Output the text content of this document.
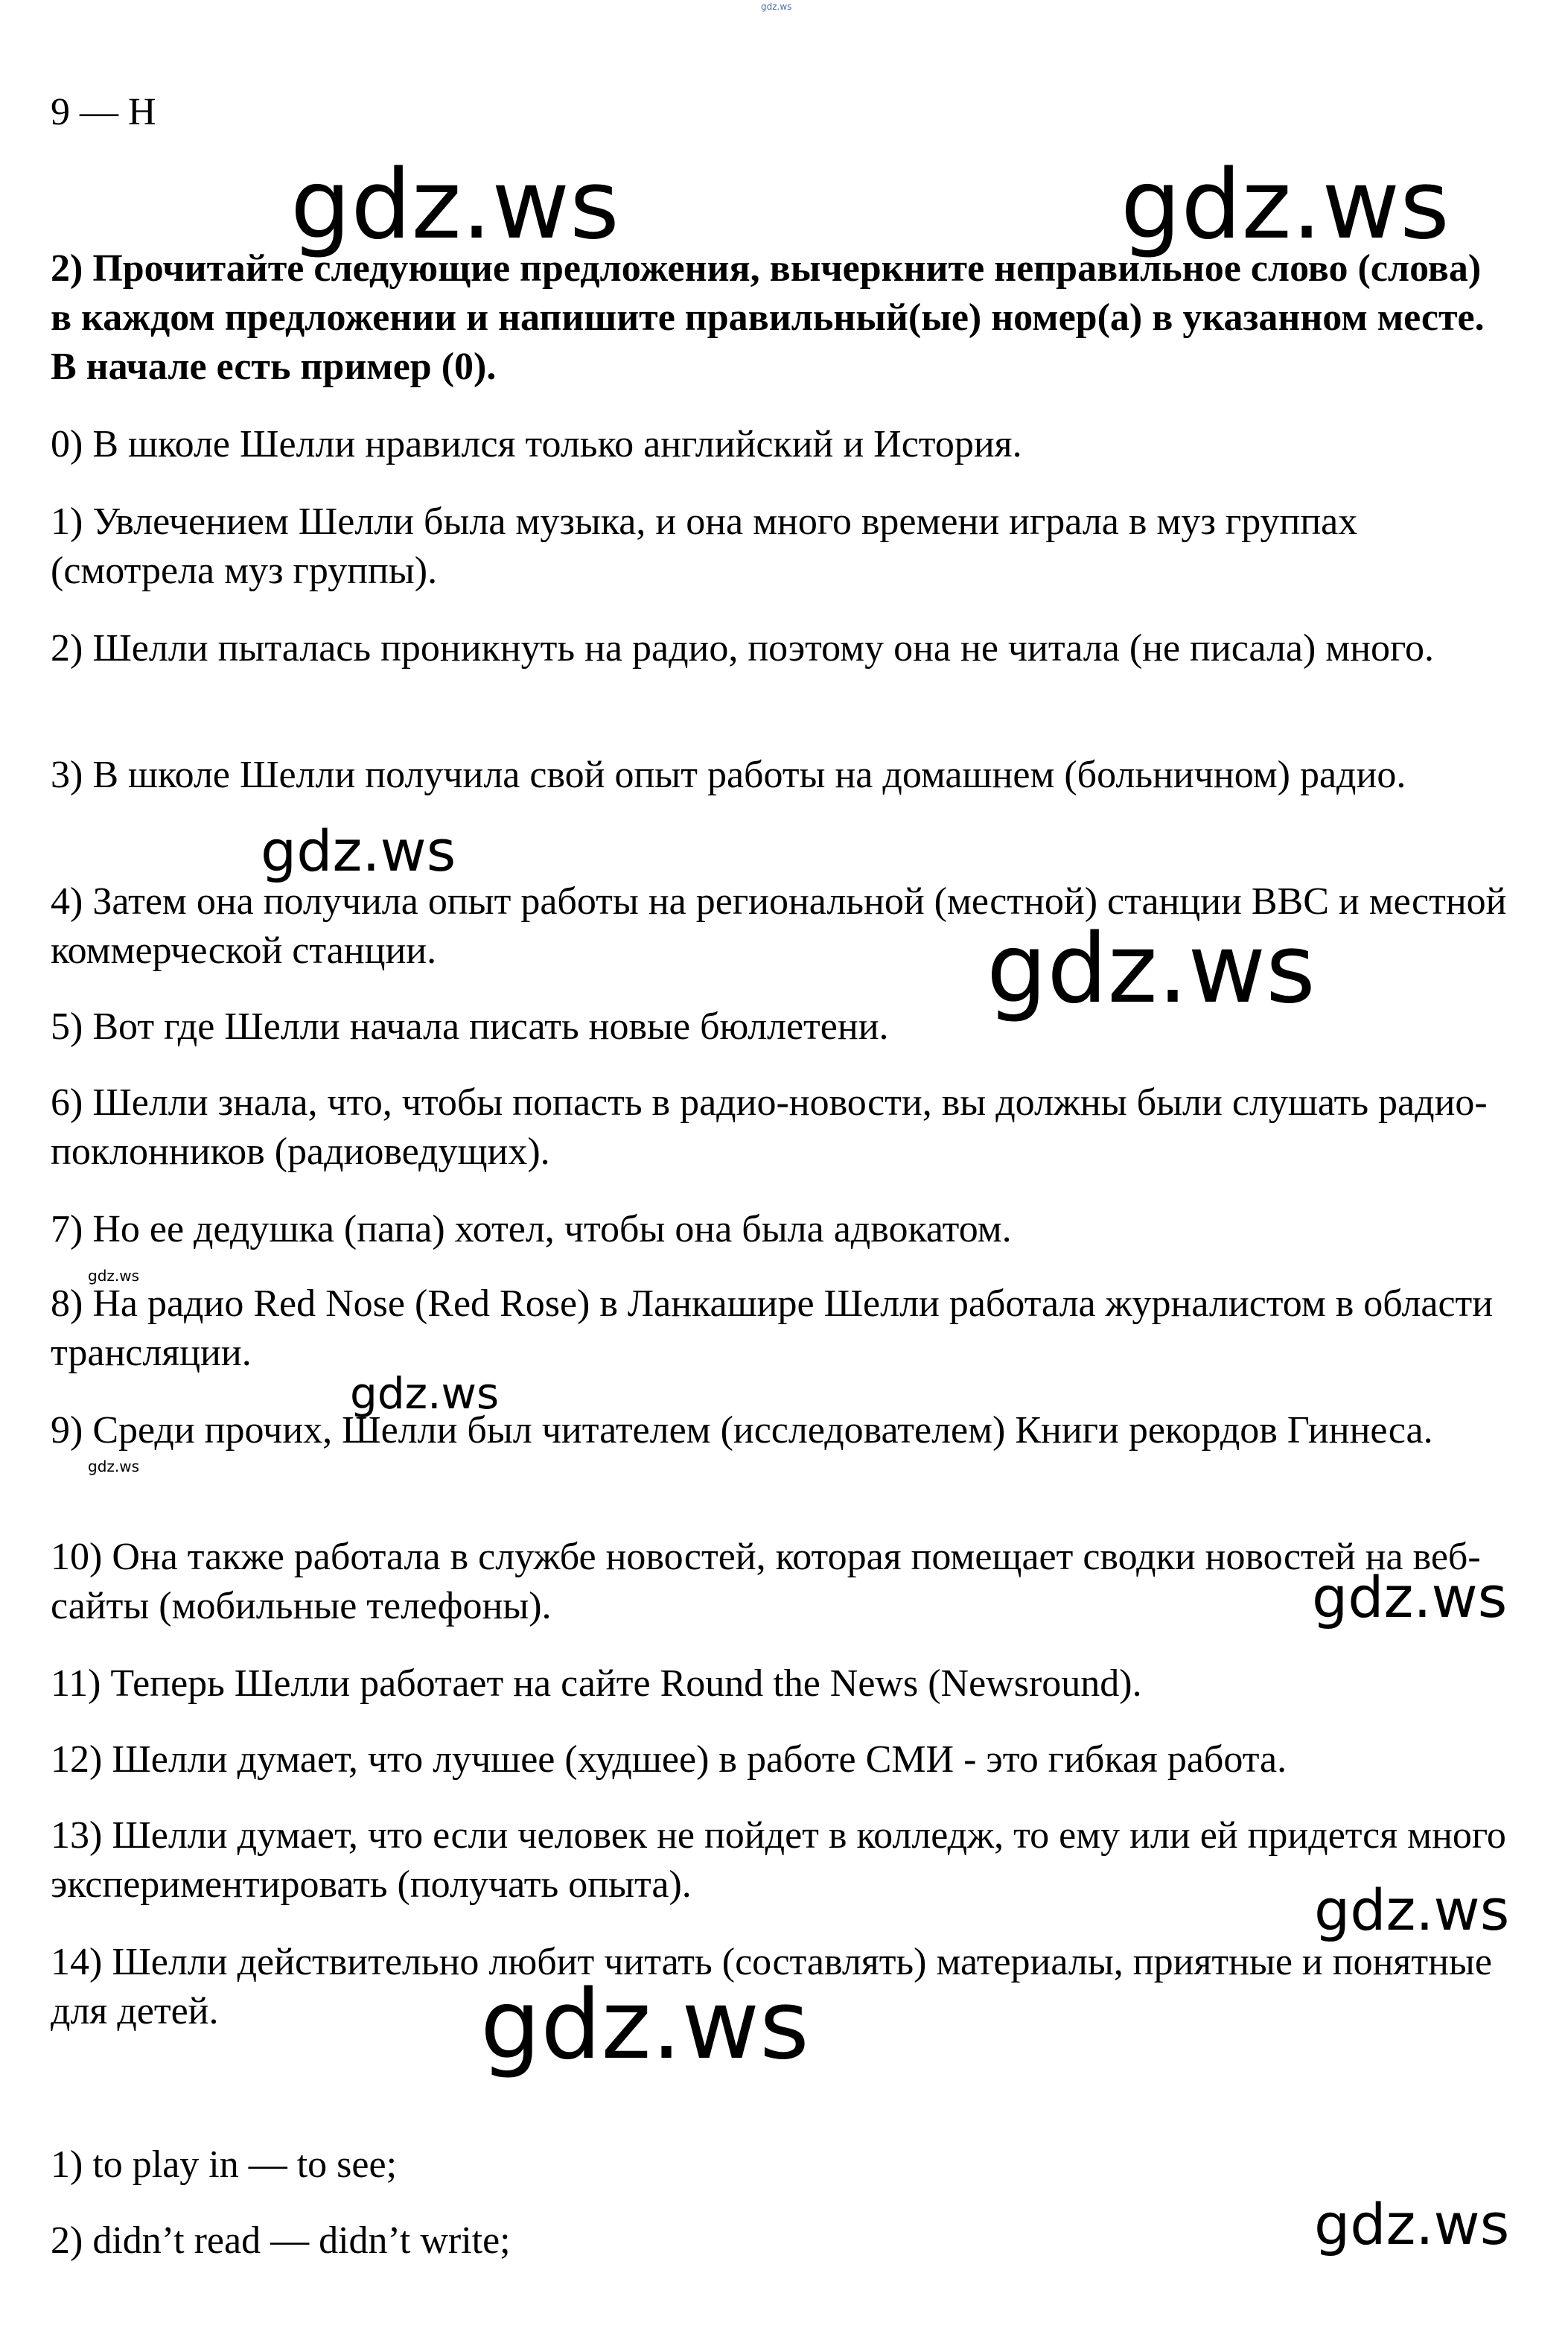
gdz.ws
9 — Н
gdz.ws	gdz.ws
2) Прочитайте следующие предложения, вычеркните неправильное слово (слова) в каждом предложении и напишите правильный(ые) номер(а) в указанном месте. В начале есть пример (0).
0) В школе Шелли нравился только английский и История.
1) Увлечением Шелли была музыка, и она много времени играла в муз группах (смотрела муз группы).
2) Шелли пыталась проникнуть на радио, поэтому она не читала (не писала) много.
3) В школе Шелли получила свой опыт работы на домашнем (больничном) радио.
gdz.ws
4) Затем она получила опыт работы на региональной (местной) станции BBC и местной коммерческой станции.	gdz.ws
5) Вот где Шелли начала писать новые бюллетени.
6) Шелли знала, что, чтобы попасть в радио-новости, вы должны были слушать радио-поклонников (радиоведущих).
7) Но ее дедушка (папа) хотел, чтобы она была адвокатом.
gdz.ws
8) На радио Red Nose (Red Rose) в Ланкашире Шелли работала журналистом в области трансляции.
gdz.ws
9) Среди прочих, Шелли был читателем (исследователем) Книги рекордов Гиннеса.
gdz.ws
10) Она также работала в службе новостей, которая помещает сводки новостей на веб-сайты (мобильные телефоны).	gdz.ws
11) Теперь Шелли работает на сайте Round the News (Newsround).
12) Шелли думает, что лучшее (худшее) в работе СМИ - это гибкая работа.
13) Шелли думает, что если человек не пойдет в колледж, то ему или ей придется много экспериментировать (получать опыта).	gdz.ws
14) Шелли действительно любит читать (составлять) материалы, приятные и понятные для детей.	gdz.ws
1) to play in — to see;
gdz.ws
2) didn’t read — didn’t write;
